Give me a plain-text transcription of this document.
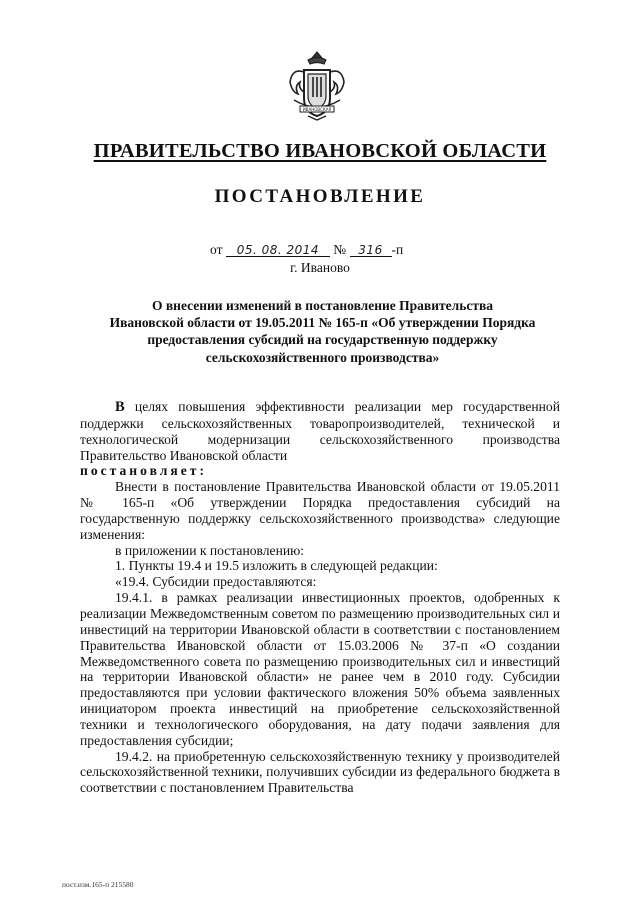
ИВАНОВСКАЯ
ПРАВИТЕЛЬСТВО ИВАНОВСКОЙ ОБЛАСТИ
ПОСТАНОВЛЕНИЕ
от 05. 08. 2014 № 316 -п
г. Иваново
О внесении изменений в постановление Правительства
Ивановской области от 19.05.2011 № 165-п «Об утверждении Порядка
предоставления субсидий на государственную поддержку
сельскохозяйственного производства»

В целях повышения эффективности реализации мер государственной поддержки сельскохозяйственных товаропроизводителей, технической и технологической модернизации сельскохозяйственного производства Правительство Ивановской области

постановляет:

Внести в постановление Правительства Ивановской области от 19.05.2011 № 165-п «Об утверждении Порядка предоставления субсидий на государственную поддержку сельскохозяйственного производства» следующие изменения:

в приложении к постановлению:

1. Пункты 19.4 и 19.5 изложить в следующей редакции:

«19.4. Субсидии предоставляются:

19.4.1. в рамках реализации инвестиционных проектов, одобренных к реализации Межведомственным советом по размещению производительных сил и инвестиций на территории Ивановской области в соответствии с постановлением Правительства Ивановской области от 15.03.2006 № 37-п «О создании Межведомственного совета по размещению производительных сил и инвестиций на территории Ивановской области» не ранее чем в 2010 году. Субсидии предоставляются при условии фактического вложения 50% объема заявленных инициатором проекта инвестиций на приобретение сельскохозяйственной техники и технологического оборудования, на дату подачи заявления для предоставления субсидии;

19.4.2. на приобретенную сельскохозяйственную технику у производителей сельскохозяйственной техники, получивших субсидии из федерального бюджета в соответствии с постановлением Правительства

пост.изм.165-п 215580
